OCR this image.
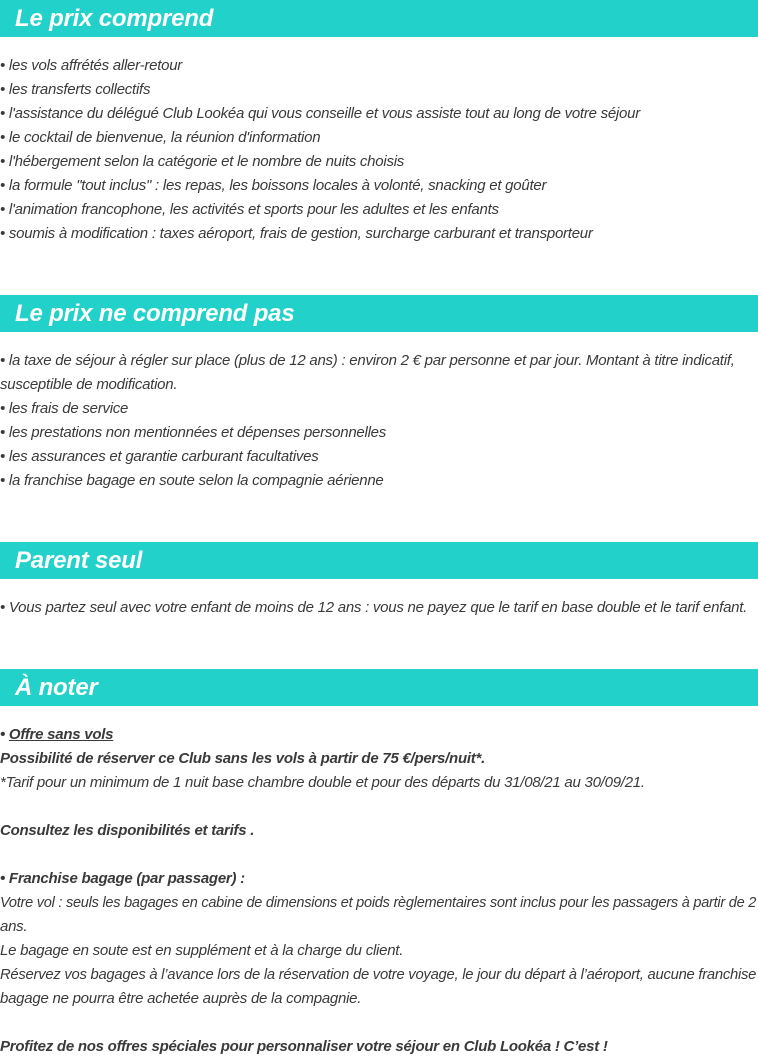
Le prix comprend
• les vols affrétés aller-retour
• les transferts collectifs
• l'assistance du délégué Club Lookéa qui vous conseille et vous assiste tout au long de votre séjour
• le cocktail de bienvenue, la réunion d'information
• l'hébergement selon la catégorie et le nombre de nuits choisis
• la formule "tout inclus" : les repas, les boissons locales à volonté, snacking et goûter
• l'animation francophone, les activités et sports pour les adultes et les enfants
• soumis à modification : taxes aéroport, frais de gestion, surcharge carburant et transporteur
Le prix ne comprend pas
• la taxe de séjour à régler sur place (plus de 12 ans) : environ 2 € par personne et par jour. Montant à titre indicatif,
susceptible de modification.
• les frais de service
• les prestations non mentionnées et dépenses personnelles
• les assurances et garantie carburant facultatives
• la franchise bagage en soute selon la compagnie aérienne
Parent seul
• Vous partez seul avec votre enfant de moins de 12 ans : vous ne payez que le tarif en base double et le tarif enfant.
À noter
• Offre sans vols
Possibilité de réserver ce Club sans les vols à partir de 75 €/pers/nuit*.
*Tarif pour un minimum de 1 nuit base chambre double et pour des départs du 31/08/21 au 30/09/21.
Consultez les disponibilités et tarifs .
• Franchise bagage (par passager) :
Votre vol : seuls les bagages en cabine de dimensions et poids règlementaires sont inclus pour les passagers à partir de 2
ans.
Le bagage en soute est en supplément et à la charge du client.
Réservez vos bagages à l’avance lors de la réservation de votre voyage, le jour du départ à l’aéroport, aucune franchise
bagage ne pourra être achetée auprès de la compagnie.
Profitez de nos offres spéciales pour personnaliser votre séjour en Club Lookéa ! C’est !
